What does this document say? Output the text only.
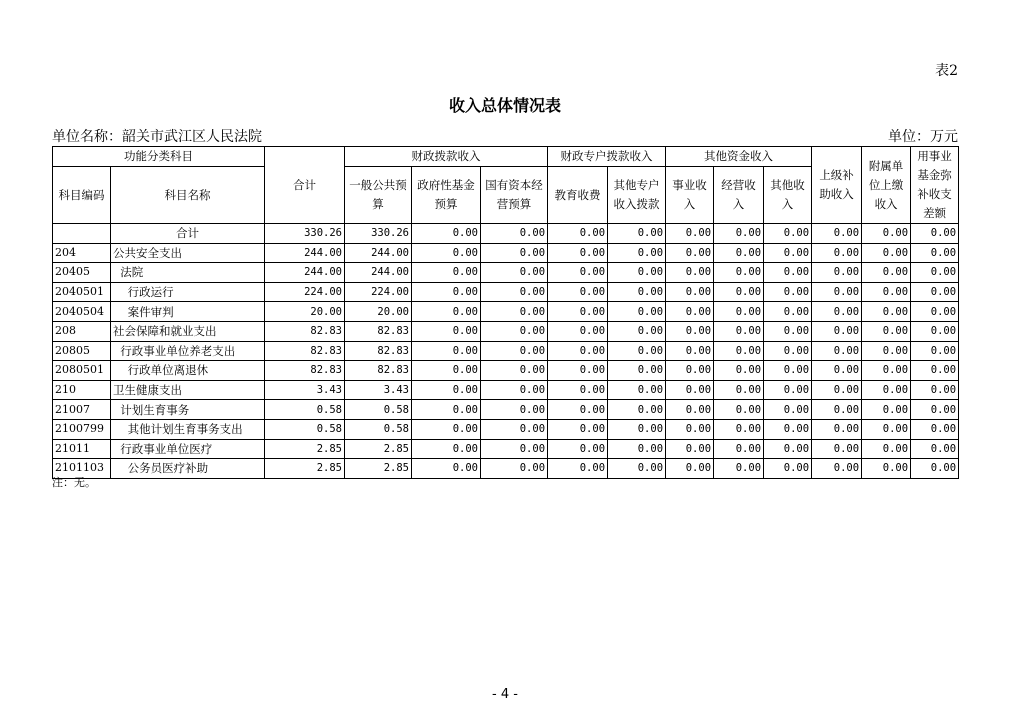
表2
收入总体情况表
单位名称：韶关市武江区人民法院	单位：万元
功能分类科目		合计	财政拨款收入			财政专户拨款收入		其他资金收入			上级补助收入	附属单位上缴收入	用事业基金弥补收支差额
科目编码	科目名称		一般公共预算	政府性基金预算	国有资本经营预算	教育收费	其他专户收入拨款	事业收入	经营收入	其他收入			
	合计	330.26	330.26	0.00	0.00	0.00	0.00	0.00	0.00	0.00	0.00	0.00	0.00
204	公共安全支出	244.00	244.00	0.00	0.00	0.00	0.00	0.00	0.00	0.00	0.00	0.00	0.00
20405	法院	244.00	244.00	0.00	0.00	0.00	0.00	0.00	0.00	0.00	0.00	0.00	0.00
2040501	行政运行	224.00	224.00	0.00	0.00	0.00	0.00	0.00	0.00	0.00	0.00	0.00	0.00
2040504	案件审判	20.00	20.00	0.00	0.00	0.00	0.00	0.00	0.00	0.00	0.00	0.00	0.00
208	社会保障和就业支出	82.83	82.83	0.00	0.00	0.00	0.00	0.00	0.00	0.00	0.00	0.00	0.00
20805	行政事业单位养老支出	82.83	82.83	0.00	0.00	0.00	0.00	0.00	0.00	0.00	0.00	0.00	0.00
2080501	行政单位离退休	82.83	82.83	0.00	0.00	0.00	0.00	0.00	0.00	0.00	0.00	0.00	0.00
210	卫生健康支出	3.43	3.43	0.00	0.00	0.00	0.00	0.00	0.00	0.00	0.00	0.00	0.00
21007	计划生育事务	0.58	0.58	0.00	0.00	0.00	0.00	0.00	0.00	0.00	0.00	0.00	0.00
2100799	其他计划生育事务支出	0.58	0.58	0.00	0.00	0.00	0.00	0.00	0.00	0.00	0.00	0.00	0.00
21011	行政事业单位医疗	2.85	2.85	0.00	0.00	0.00	0.00	0.00	0.00	0.00	0.00	0.00	0.00
2101103	公务员医疗补助	2.85	2.85	0.00	0.00	0.00	0.00	0.00	0.00	0.00	0.00	0.00	0.00
注：无。
- 4 -
